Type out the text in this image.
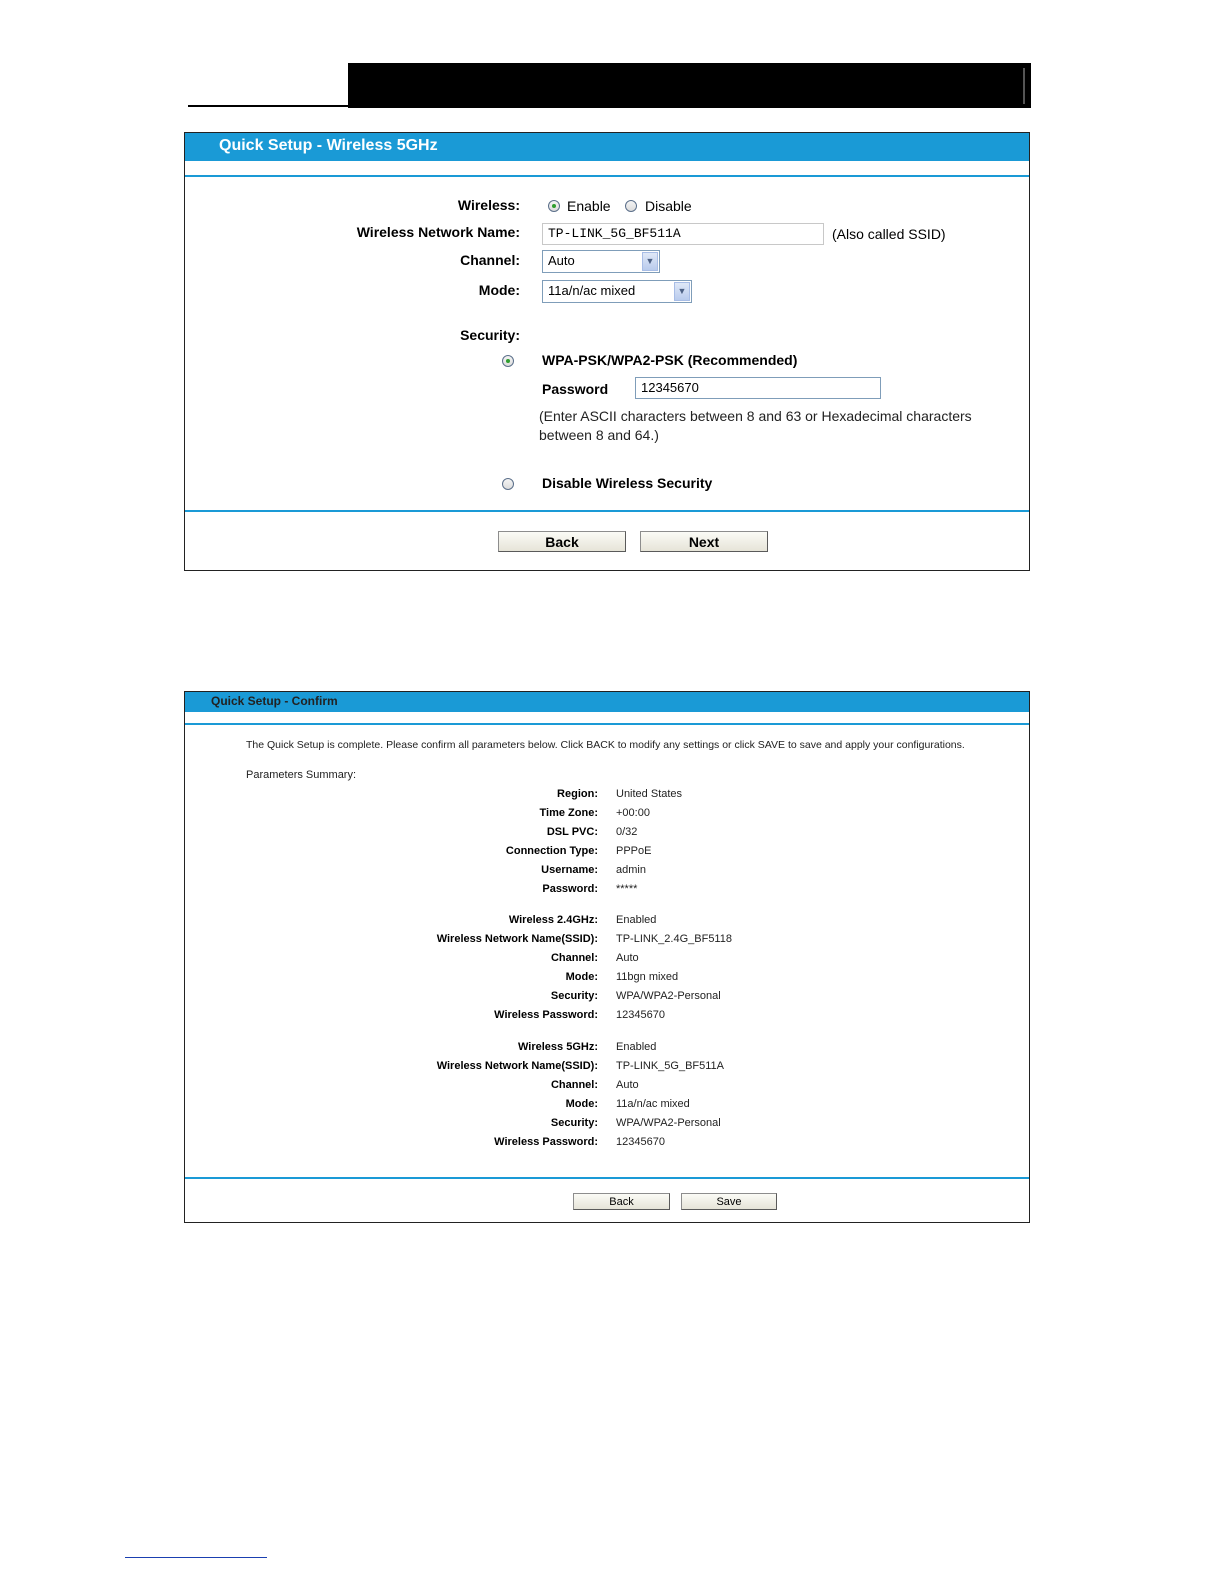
Quick Setup - Wireless 5GHz
Wireless:	Enable Disable
Wireless Network Name:	TP-LINK_5G_BF511A	(Also called SSID)
Channel:	Auto	▼
Mode:	11a/n/ac mixed	▼
Security:
WPA-PSK/WPA2-PSK (Recommended)
Password	12345670
(Enter ASCII characters between 8 and 63 or Hexadecimal characters
between 8 and 64.)
Disable Wireless Security
Back	Next
Quick Setup - Confirm
The Quick Setup is complete. Please confirm all parameters below. Click BACK to modify any settings or click SAVE to save and apply your configurations.
Parameters Summary:
Region: United States
Time Zone: +00:00
DSL PVC: 0/32
Connection Type: PPPoE
Username: admin
Password: *****
Wireless 2.4GHz: Enabled
Wireless Network Name(SSID): TP-LINK_2.4G_BF5118
Channel: Auto
Mode: 11bgn mixed
Security: WPA/WPA2-Personal
Wireless Password: 12345670
Wireless 5GHz: Enabled
Wireless Network Name(SSID): TP-LINK_5G_BF511A
Channel: Auto
Mode: 11a/n/ac mixed
Security: WPA/WPA2-Personal
Wireless Password: 12345670
Back	Save
